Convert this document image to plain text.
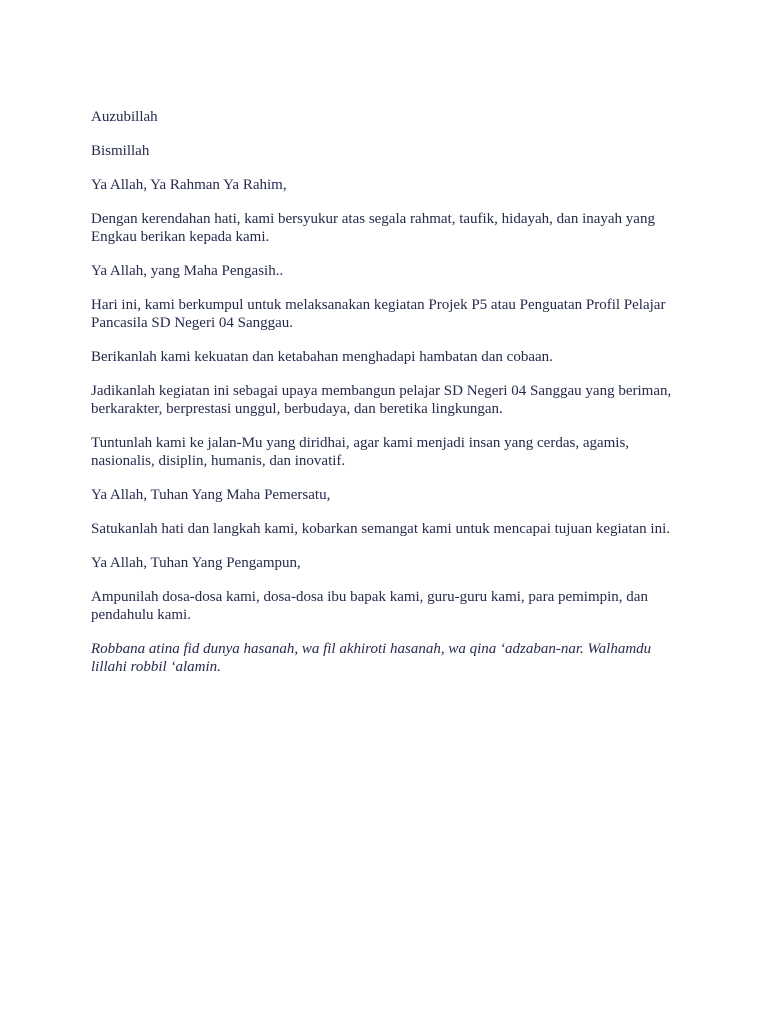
Auzubillah

Bismillah

Ya Allah, Ya Rahman Ya Rahim,

Dengan kerendahan hati, kami bersyukur atas segala rahmat, taufik, hidayah, dan inayah yang Engkau berikan kepada kami.

Ya Allah, yang Maha Pengasih..

Hari ini, kami berkumpul untuk melaksanakan kegiatan Projek P5 atau Penguatan Profil Pelajar Pancasila SD Negeri 04 Sanggau.

Berikanlah kami kekuatan dan ketabahan menghadapi hambatan dan cobaan.

Jadikanlah kegiatan ini sebagai upaya membangun pelajar SD Negeri 04 Sanggau yang beriman, berkarakter, berprestasi unggul, berbudaya, dan beretika lingkungan.

Tuntunlah kami ke jalan-Mu yang diridhai, agar kami menjadi insan yang cerdas, agamis, nasionalis, disiplin, humanis, dan inovatif.

Ya Allah, Tuhan Yang Maha Pemersatu,

Satukanlah hati dan langkah kami, kobarkan semangat kami untuk mencapai tujuan kegiatan ini.

Ya Allah, Tuhan Yang Pengampun,

Ampunilah dosa-dosa kami, dosa-dosa ibu bapak kami, guru-guru kami, para pemimpin, dan pendahulu kami.

Robbana atina fid dunya hasanah, wa fil akhiroti hasanah, wa qina ‘adzaban-nar. Walhamdu lillahi robbil ‘alamin.
